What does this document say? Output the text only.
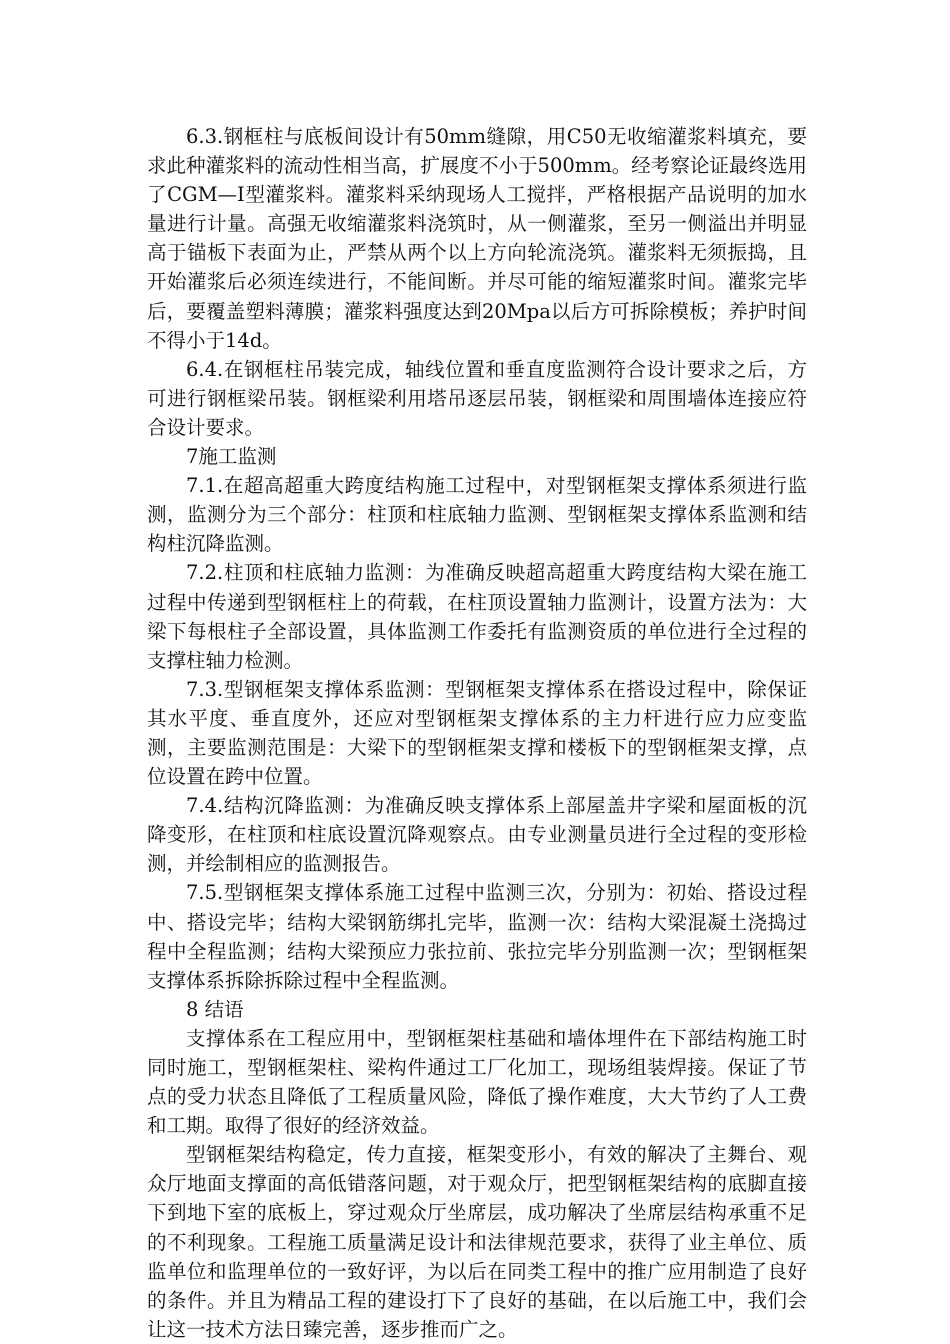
6.3.钢框柱与底板间设计有50mm缝隙，用C50无收缩灌浆料填充，要求此种灌浆料的流动性相当高，扩展度不小于500mm。经考察论证最终选用了CGM—I型灌浆料。灌浆料采纳现场人工搅拌，严格根据产品说明的加水量进行计量。高强无收缩灌浆料浇筑时，从一侧灌浆，至另一侧溢出并明显高于锚板下表面为止，严禁从两个以上方向轮流浇筑。灌浆料无须振捣，且开始灌浆后必须连续进行，不能间断。并尽可能的缩短灌浆时间。灌浆完毕后，要覆盖塑料薄膜；灌浆料强度达到20Mpa以后方可拆除模板；养护时间不得小于14d。

6.4.在钢框柱吊装完成，轴线位置和垂直度监测符合设计要求之后，方可进行钢框梁吊装。钢框梁利用塔吊逐层吊装，钢框梁和周围墙体连接应符合设计要求。

7施工监测

7.1.在超高超重大跨度结构施工过程中，对型钢框架支撑体系须进行监测，监测分为三个部分：柱顶和柱底轴力监测、型钢框架支撑体系监测和结构柱沉降监测。

7.2.柱顶和柱底轴力监测：为准确反映超高超重大跨度结构大梁在施工过程中传递到型钢框柱上的荷载，在柱顶设置轴力监测计，设置方法为：大梁下每根柱子全部设置，具体监测工作委托有监测资质的单位进行全过程的支撑柱轴力检测。

7.3.型钢框架支撑体系监测：型钢框架支撑体系在搭设过程中，除保证其水平度、垂直度外，还应对型钢框架支撑体系的主力杆进行应力应变监测，主要监测范围是：大梁下的型钢框架支撑和楼板下的型钢框架支撑，点位设置在跨中位置。

7.4.结构沉降监测：为准确反映支撑体系上部屋盖井字梁和屋面板的沉降变形，在柱顶和柱底设置沉降观察点。由专业测量员进行全过程的变形检测，并绘制相应的监测报告。

7.5.型钢框架支撑体系施工过程中监测三次，分别为：初始、搭设过程中、搭设完毕；结构大梁钢筋绑扎完毕，监测一次：结构大梁混凝土浇捣过程中全程监测；结构大梁预应力张拉前、张拉完毕分别监测一次；型钢框架支撑体系拆除拆除过程中全程监测。

8 结语

支撑体系在工程应用中，型钢框架柱基础和墙体埋件在下部结构施工时同时施工，型钢框架柱、梁构件通过工厂化加工，现场组装焊接。保证了节点的受力状态且降低了工程质量风险，降低了操作难度，大大节约了人工费和工期。取得了很好的经济效益。

型钢框架结构稳定，传力直接，框架变形小，有效的解决了主舞台、观众厅地面支撑面的高低错落问题，对于观众厅，把型钢框架结构的底脚直接下到地下室的底板上，穿过观众厅坐席层，成功解决了坐席层结构承重不足的不利现象。工程施工质量满足设计和法律规范要求，获得了业主单位、质监单位和监理单位的一致好评，为以后在同类工程中的推广应用制造了良好的条件。并且为精品工程的建设打下了良好的基础，在以后施工中，我们会让这一技术方法日臻完善，逐步推而广之。
